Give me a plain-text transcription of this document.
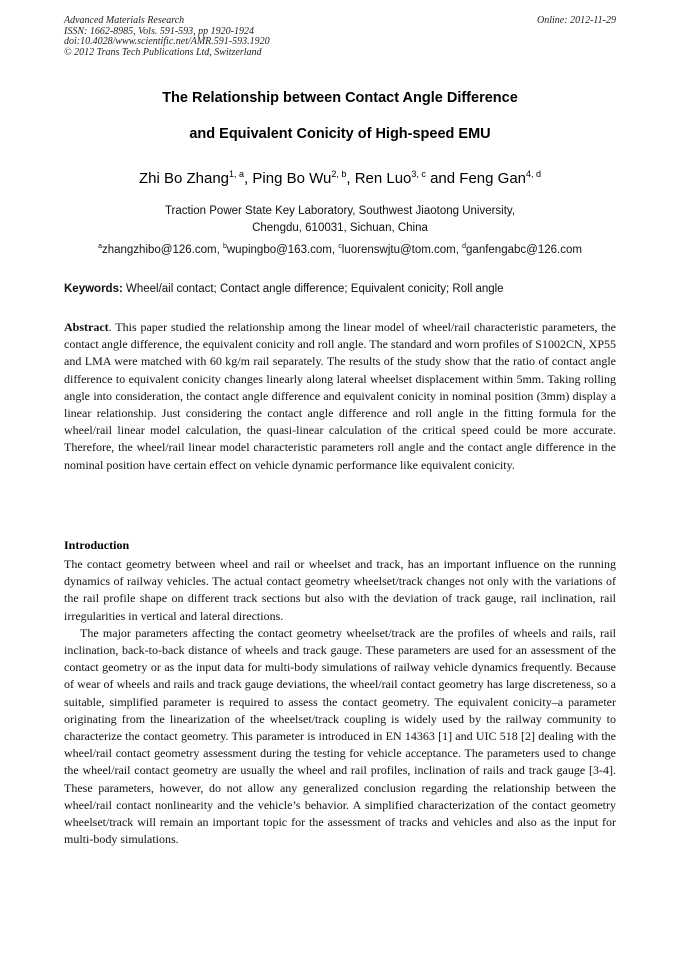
Advanced Materials Research	Online: 2012-11-29
ISSN: 1662-8985, Vols. 591-593, pp 1920-1924
doi:10.4028/www.scientific.net/AMR.591-593.1920
© 2012 Trans Tech Publications Ltd, Switzerland
The Relationship between Contact Angle Difference
and Equivalent Conicity of High-speed EMU
Zhi Bo Zhang$^{1, a}$, Ping Bo Wu$^{2, b}$, Ren Luo$^{3, c}$ and Feng Gan$^{4, d}$
Traction Power State Key Laboratory, Southwest Jiaotong University,
Chengdu, 610031, Sichuan, China
$^a$zhangzhibo@126.com, $^b$wupingbo@163.com, $^c$luorenswjtu@tom.com, $^d$ganfengabc@126.com
Keywords: Wheel/ail contact; Contact angle difference; Equivalent conicity; Roll angle
Abstract. This paper studied the relationship among the linear model of wheel/rail characteristic parameters, the contact angle difference, the equivalent conicity and roll angle. The standard and worn profiles of S1002CN, XP55 and LMA were matched with 60 kg/m rail separately. The results of the study show that the ratio of contact angle difference to equivalent conicity changes linearly along lateral wheelset displacement within 5mm. Taking rolling angle into consideration, the contact angle difference and equivalent conicity in nominal position (3mm) display a linear relationship. Just considering the contact angle difference and roll angle in the fitting formula for the wheel/rail linear model calculation, the quasi-linear calculation of the critical speed could be more accurate. Therefore, the wheel/rail linear model characteristic parameters roll angle and the contact angle difference in the nominal position have certain effect on vehicle dynamic performance like equivalent conicity.
Introduction

The contact geometry between wheel and rail or wheelset and track, has an important influence on the running dynamics of railway vehicles. The actual contact geometry wheelset/track changes not only with the variations of the rail profile shape on different track sections but also with the deviation of track gauge, rail inclination, rail irregularities in vertical and lateral directions.

The major parameters affecting the contact geometry wheelset/track are the profiles of wheels and rails, rail inclination, back-to-back distance of wheels and track gauge. These parameters are used for an assessment of the contact geometry or as the input data for multi-body simulations of railway vehicle dynamics frequently. Because of wear of wheels and rails and track gauge deviations, the wheel/rail contact geometry has large discreteness, so a suitable, simplified parameter is required to assess the contact geometry. The equivalent conicity–a parameter originating from the linearization of the wheelset/track coupling is widely used by the railway community to characterize the contact geometry. This parameter is introduced in EN 14363 [1] and UIC 518 [2] dealing with the wheel/rail contact geometry assessment during the testing for vehicle acceptance. The parameters used to change the wheel/rail contact geometry are usually the wheel and rail profiles, inclination of rails and track gauge [3-4]. These parameters, however, do not allow any generalized conclusion regarding the relationship between the wheel/rail contact nonlinearity and the vehicle’s behavior. A simplified characterization of the contact geometry wheelset/track will remain an important topic for the assessment of tracks and vehicles and also as the input for multi-body simulations.
